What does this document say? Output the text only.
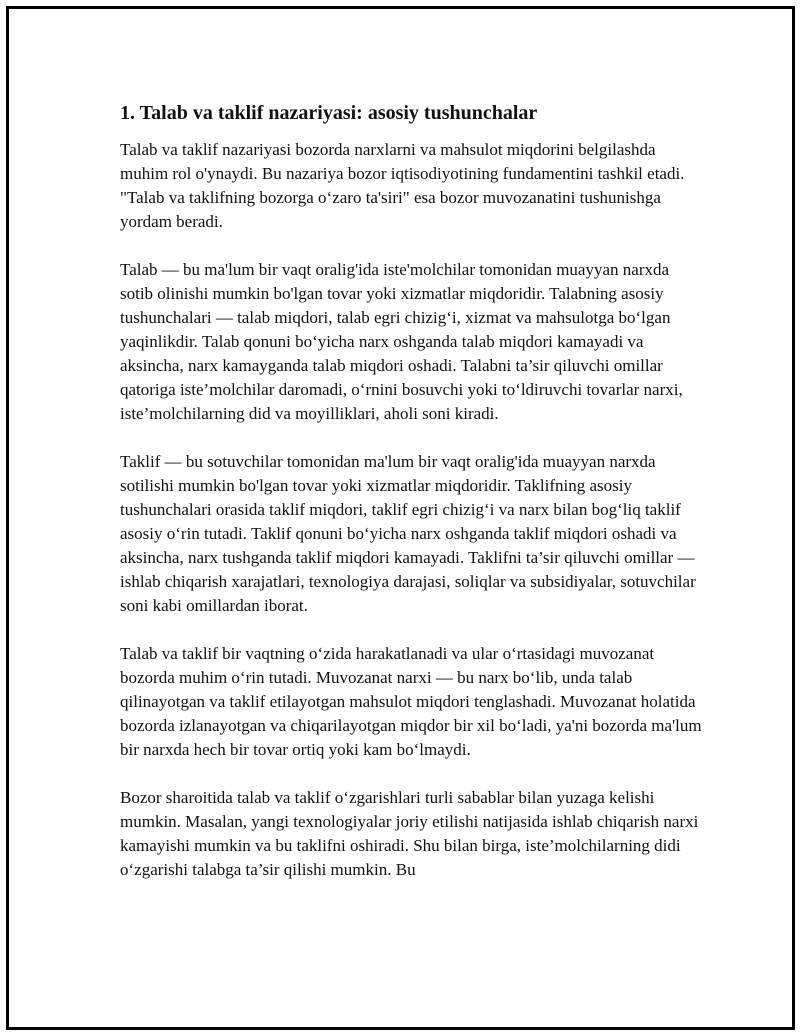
1. Talab va taklif nazariyasi: asosiy tushunchalar

Talab va taklif nazariyasi bozorda narxlarni va mahsulot miqdorini belgilashda muhim rol o'ynaydi. Bu nazariya bozor iqtisodiyotining fundamentini tashkil etadi. "Talab va taklifning bozorga o‘zaro ta'siri" esa bozor muvozanatini tushunishga yordam beradi.

Talab — bu ma'lum bir vaqt oralig'ida iste'molchilar tomonidan muayyan narxda sotib olinishi mumkin bo'lgan tovar yoki xizmatlar miqdoridir. Talabning asosiy tushunchalari — talab miqdori, talab egri chizig‘i, xizmat va mahsulotga bo‘lgan yaqinlikdir. Talab qonuni bo‘yicha narx oshganda talab miqdori kamayadi va aksincha, narx kamayganda talab miqdori oshadi. Talabni ta’sir qiluvchi omillar qatoriga iste’molchilar daromadi, o‘rnini bosuvchi yoki to‘ldiruvchi tovarlar narxi, iste’molchilarning did va moyilliklari, aholi soni kiradi.

Taklif — bu sotuvchilar tomonidan ma'lum bir vaqt oralig'ida muayyan narxda sotilishi mumkin bo'lgan tovar yoki xizmatlar miqdoridir. Taklifning asosiy tushunchalari orasida taklif miqdori, taklif egri chizig‘i va narx bilan bog‘liq taklif asosiy o‘rin tutadi. Taklif qonuni bo‘yicha narx oshganda taklif miqdori oshadi va aksincha, narx tushganda taklif miqdori kamayadi. Taklifni ta’sir qiluvchi omillar — ishlab chiqarish xarajatlari, texnologiya darajasi, soliqlar va subsidiyalar, sotuvchilar soni kabi omillardan iborat.

Talab va taklif bir vaqtning o‘zida harakatlanadi va ular o‘rtasidagi muvozanat bozorda muhim o‘rin tutadi. Muvozanat narxi — bu narx bo‘lib, unda talab qilinayotgan va taklif etilayotgan mahsulot miqdori tenglashadi. Muvozanat holatida bozorda izlanayotgan va chiqarilayotgan miqdor bir xil bo‘ladi, ya'ni bozorda ma'lum bir narxda hech bir tovar ortiq yoki kam bo‘lmaydi.

Bozor sharoitida talab va taklif o‘zgarishlari turli sabablar bilan yuzaga kelishi mumkin. Masalan, yangi texnologiyalar joriy etilishi natijasida ishlab chiqarish narxi kamayishi mumkin va bu taklifni oshiradi. Shu bilan birga, iste’molchilarning didi o‘zgarishi talabga ta’sir qilishi mumkin. Bu
